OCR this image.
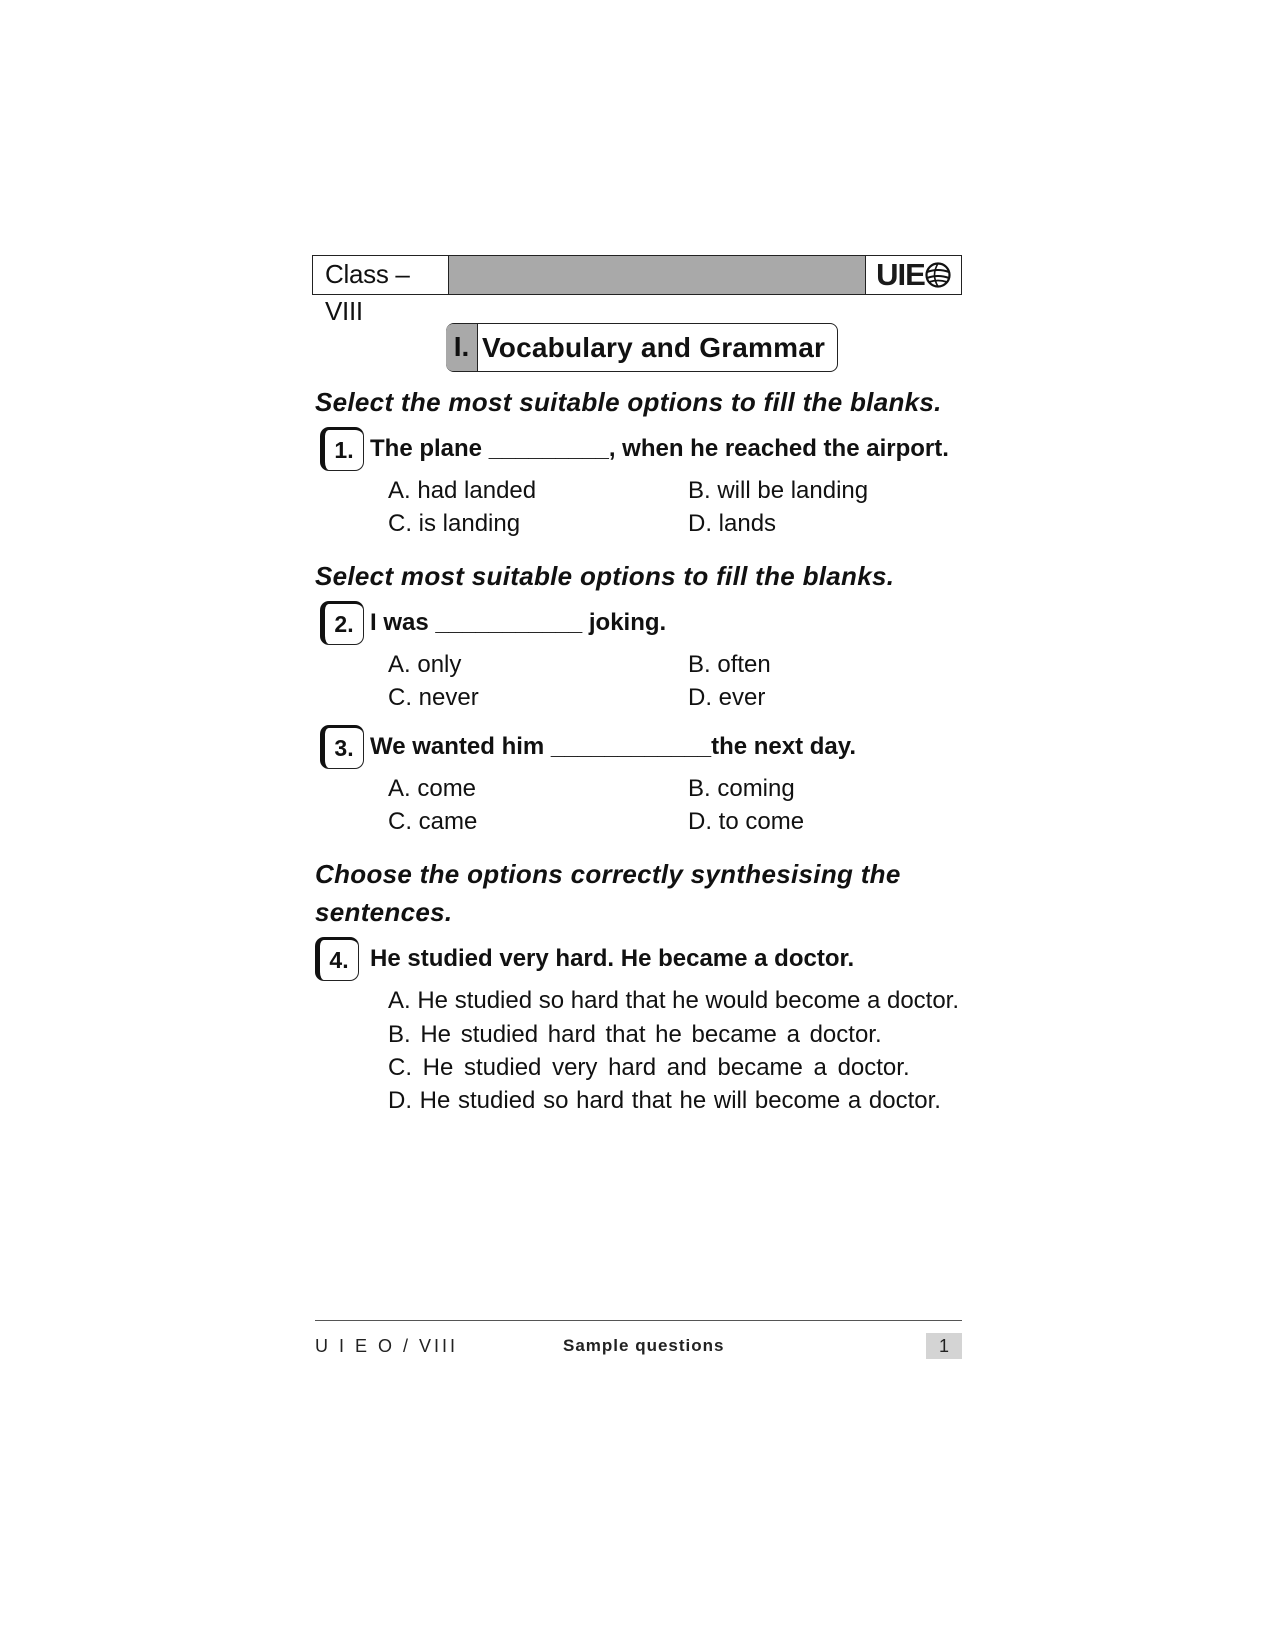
Class – VIII
UIE
I. Vocabulary and Grammar
Select the most suitable options to fill the blanks.
1. The plane _________, when he reached the airport.
A. had landed	B. will be landing
C. is landing	D. lands
Select most suitable options to fill the blanks.
2. I was ___________ joking.
A. only	B. often
C. never	D. ever
3. We wanted him ____________the next day.
A. come	B. coming
C. came	D. to come
Choose the options correctly synthesising the
sentences.
4. He studied very hard. He became a doctor.
A. He studied so hard that he would become a doctor.
B. He studied hard that he became a doctor.
C. He studied very hard and became a doctor.
D. He studied so hard that he will become a doctor.
U I E O / VIII	Sample questions	1
